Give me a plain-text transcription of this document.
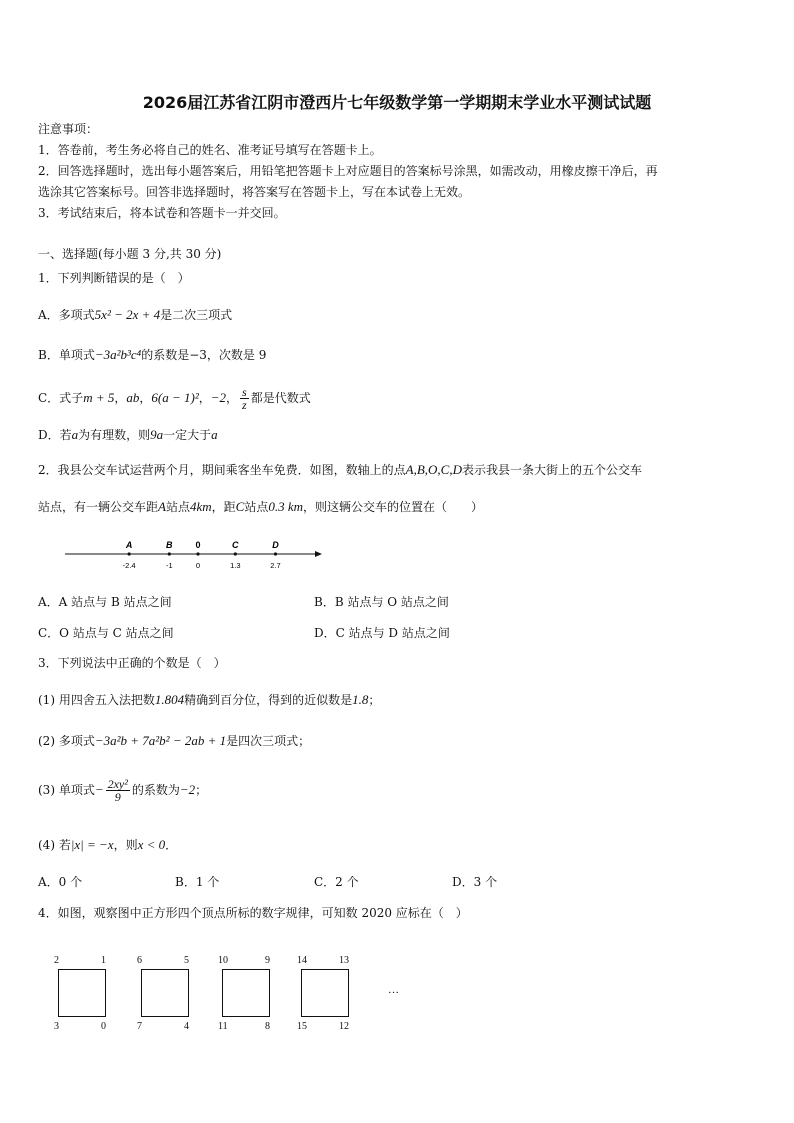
2026届江苏省江阴市澄西片七年级数学第一学期期末学业水平测试试题
注意事项：
1．答卷前，考生务必将自己的姓名、准考证号填写在答题卡上。
2．回答选择题时，选出每小题答案后，用铅笔把答题卡上对应题目的答案标号涂黑，如需改动，用橡皮擦干净后，再
选涂其它答案标号。回答非选择题时，将答案写在答题卡上，写在本试卷上无效。
3．考试结束后，将本试卷和答题卡一并交回。
一、选择题(每小题 3 分,共 30 分)
1．下列判断错误的是（　）
A．多项式5x² − 2x + 4是二次三项式
B．单项式−3a²b³c⁴的系数是−3，次数是 9
C．式子m + 5，ab，6(a − 1)²，−2， $\frac{s}{z}$ 都是代数式
D．若a为有理数，则9a一定大于a
2．我县公交车试运营两个月，期间乘客坐车免费．如图，数轴上的点A,B,O,C,D表示我县一条大街上的五个公交车
站点，有一辆公交车距A站点4km，距C站点0.3 km，则这辆公交车的位置在（　　）
A
-2.4
B
-1
0
0
C
1.3
D
2.7
A．A 站点与 B 站点之间	B．B 站点与 O 站点之间
C．O 站点与 C 站点之间	D．C 站点与 D 站点之间
3．下列说法中正确的个数是（　）
(1) 用四舍五入法把数1.804精确到百分位，得到的近似数是1.8；
(2) 多项式−3a²b + 7a²b² − 2ab + 1是四次三项式；
(3) 单项式− $\frac{\text{2xy²}}{9}$ 的系数为−2；
(4) 若|x| = −x，则x < 0．
A．0 个	B．1 个	C．2 个	D．3 个
4．如图，观察图中正方形四个顶点所标的数字规律，可知数 2020 应标在（　）
2	1
3	0
6	5
7	4
10	9
11	8
14	13
15	12
…
